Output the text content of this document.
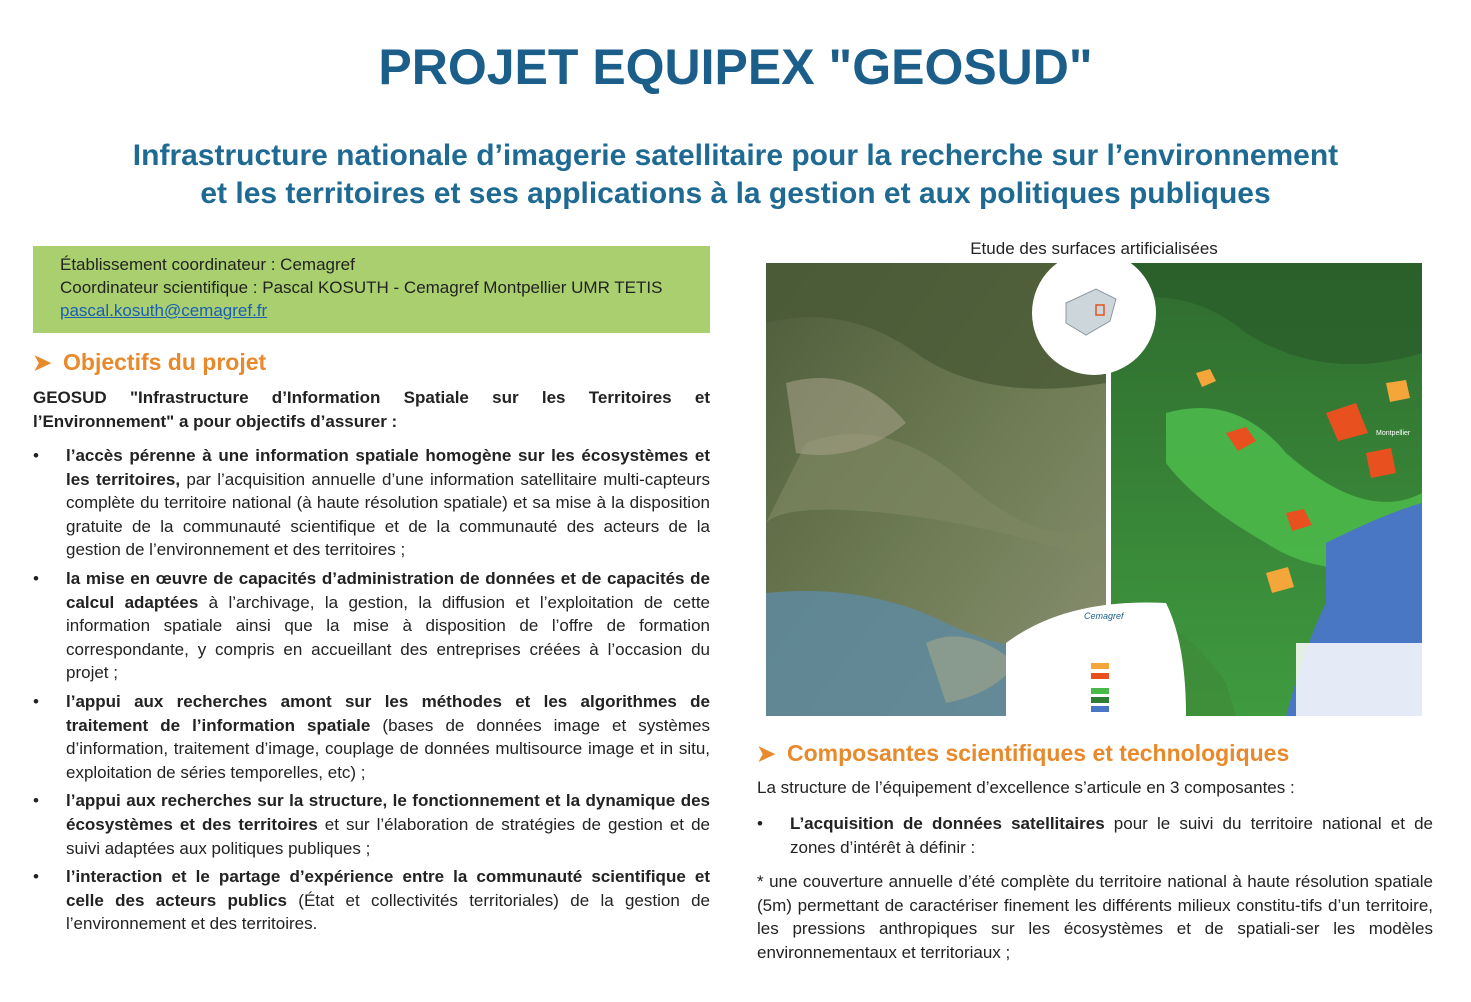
PROJET EQUIPEX "GEOSUD"
Infrastructure nationale d’imagerie satellitaire pour la recherche sur l’environnement
et les territoires et ses applications à la gestion et aux politiques publiques
Établissement coordinateur : Cemagref
Coordinateur scientifique : Pascal KOSUTH - Cemagref Montpellier UMR TETIS
pascal.kosuth@cemagref.fr
➤ Objectifs du projet

GEOSUD "Infrastructure d’Information Spatiale sur les Territoires et l’Environnement" a pour objectifs d’assurer :

• l’accès pérenne à une information spatiale homogène sur les écosystèmes et les territoires, par l’acquisition annuelle d’une information satellitaire multi-capteurs complète du territoire national (à haute résolution spatiale) et sa mise à la disposition gratuite de la communauté scientifique et de la communauté des acteurs de la gestion de l’environnement et des territoires ;
• la mise en œuvre de capacités d’administration de données et de capacités de calcul adaptées à l’archivage, la gestion, la diffusion et l’exploitation de cette information spatiale ainsi que la mise à disposition de l’offre de formation correspondante, y compris en accueillant des entreprises créées à l’occasion du projet ;
• l’appui aux recherches amont sur les méthodes et les algorithmes de traitement de l’information spatiale (bases de données image et systèmes d’information, traitement d’image, couplage de données multisource image et in situ, exploitation de séries temporelles, etc) ;
• l’appui aux recherches sur la structure, le fonctionnement et la dynamique des écosystèmes et des territoires et sur l’élaboration de stratégies de gestion et de suivi adaptées aux politiques publiques ;
• l’interaction et le partage d’expérience entre la communauté scientifique et celle des acteurs publics (État et collectivités territoriales) de la gestion de l’environnement et des territoires.

Etude des surfaces artificialisées

Cemagref
Montpellier
➤ Composantes scientifiques et technologiques

La structure de l’équipement d’excellence s’articule en 3 composantes :

• L’acquisition de données satellitaires pour le suivi du territoire national et de zones d’intérêt à définir :

* une couverture annuelle d’été complète du territoire national à haute résolution spatiale (5m) permettant de caractériser finement les différents milieux constitu-tifs d’un territoire, les pressions anthropiques sur les écosystèmes et de spatiali-ser les modèles environnementaux et territoriaux ;
